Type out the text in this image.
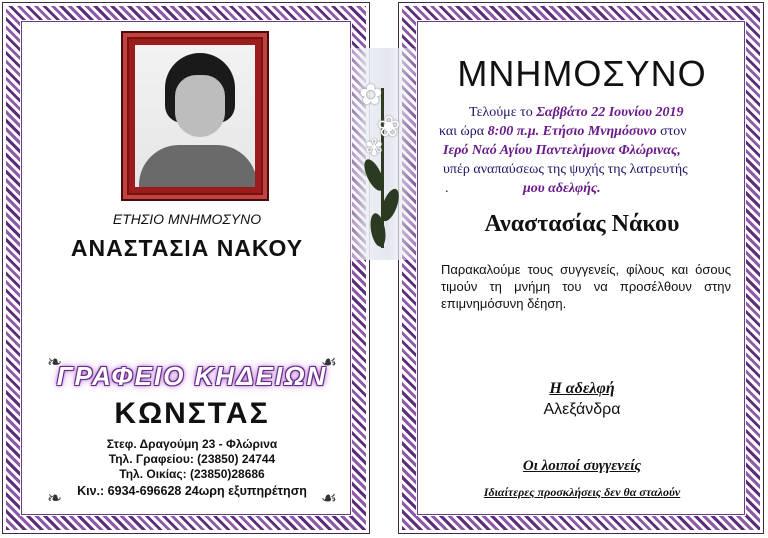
ΕΤΗΣΙΟ ΜΝΗΜΟΣΥΝΟ
ΑΝΑΣΤΑΣΙΑ ΝΑΚΟΥ
❧	☙
❧	☙
ΓΡΑΦΕΙΟ ΚΗΔΕΙΩΝ
ΚΩΝΣΤΑΣ
Στεφ. Δραγούμη 23 - Φλώρινα
Τηλ. Γραφείου: (23850) 24744
Τηλ. Οικίας: (23850)28686
Κιν.: 6934-696628 24ωρη εξυπηρέτηση
ΜΝΗΜΟΣΥΝΟ
Τελούμε το Σαββάτο 22 Ιουνίου 2019
και ώρα 8:00 π.μ. Ετήσιο Μνημόσυνο στον
Ιερό Ναό Αγίου Παντελήμονα Φλώρινας,
υπέρ αναπαύσεως της ψυχής της λατρευτής
.	μου αδελφής.
Αναστασίας Νάκου
Παρακαλούμε τους συγγενείς, φίλους και όσους τιμούν τη μνήμη του να προσέλθουν στην επιμνημόσυνη δέηση.
Η αδελφή
Αλεξάνδρα
Οι λοιποί συγγενείς
Ιδιαίτερες προσκλήσεις δεν θα σταλούν
✿
❀
✾
